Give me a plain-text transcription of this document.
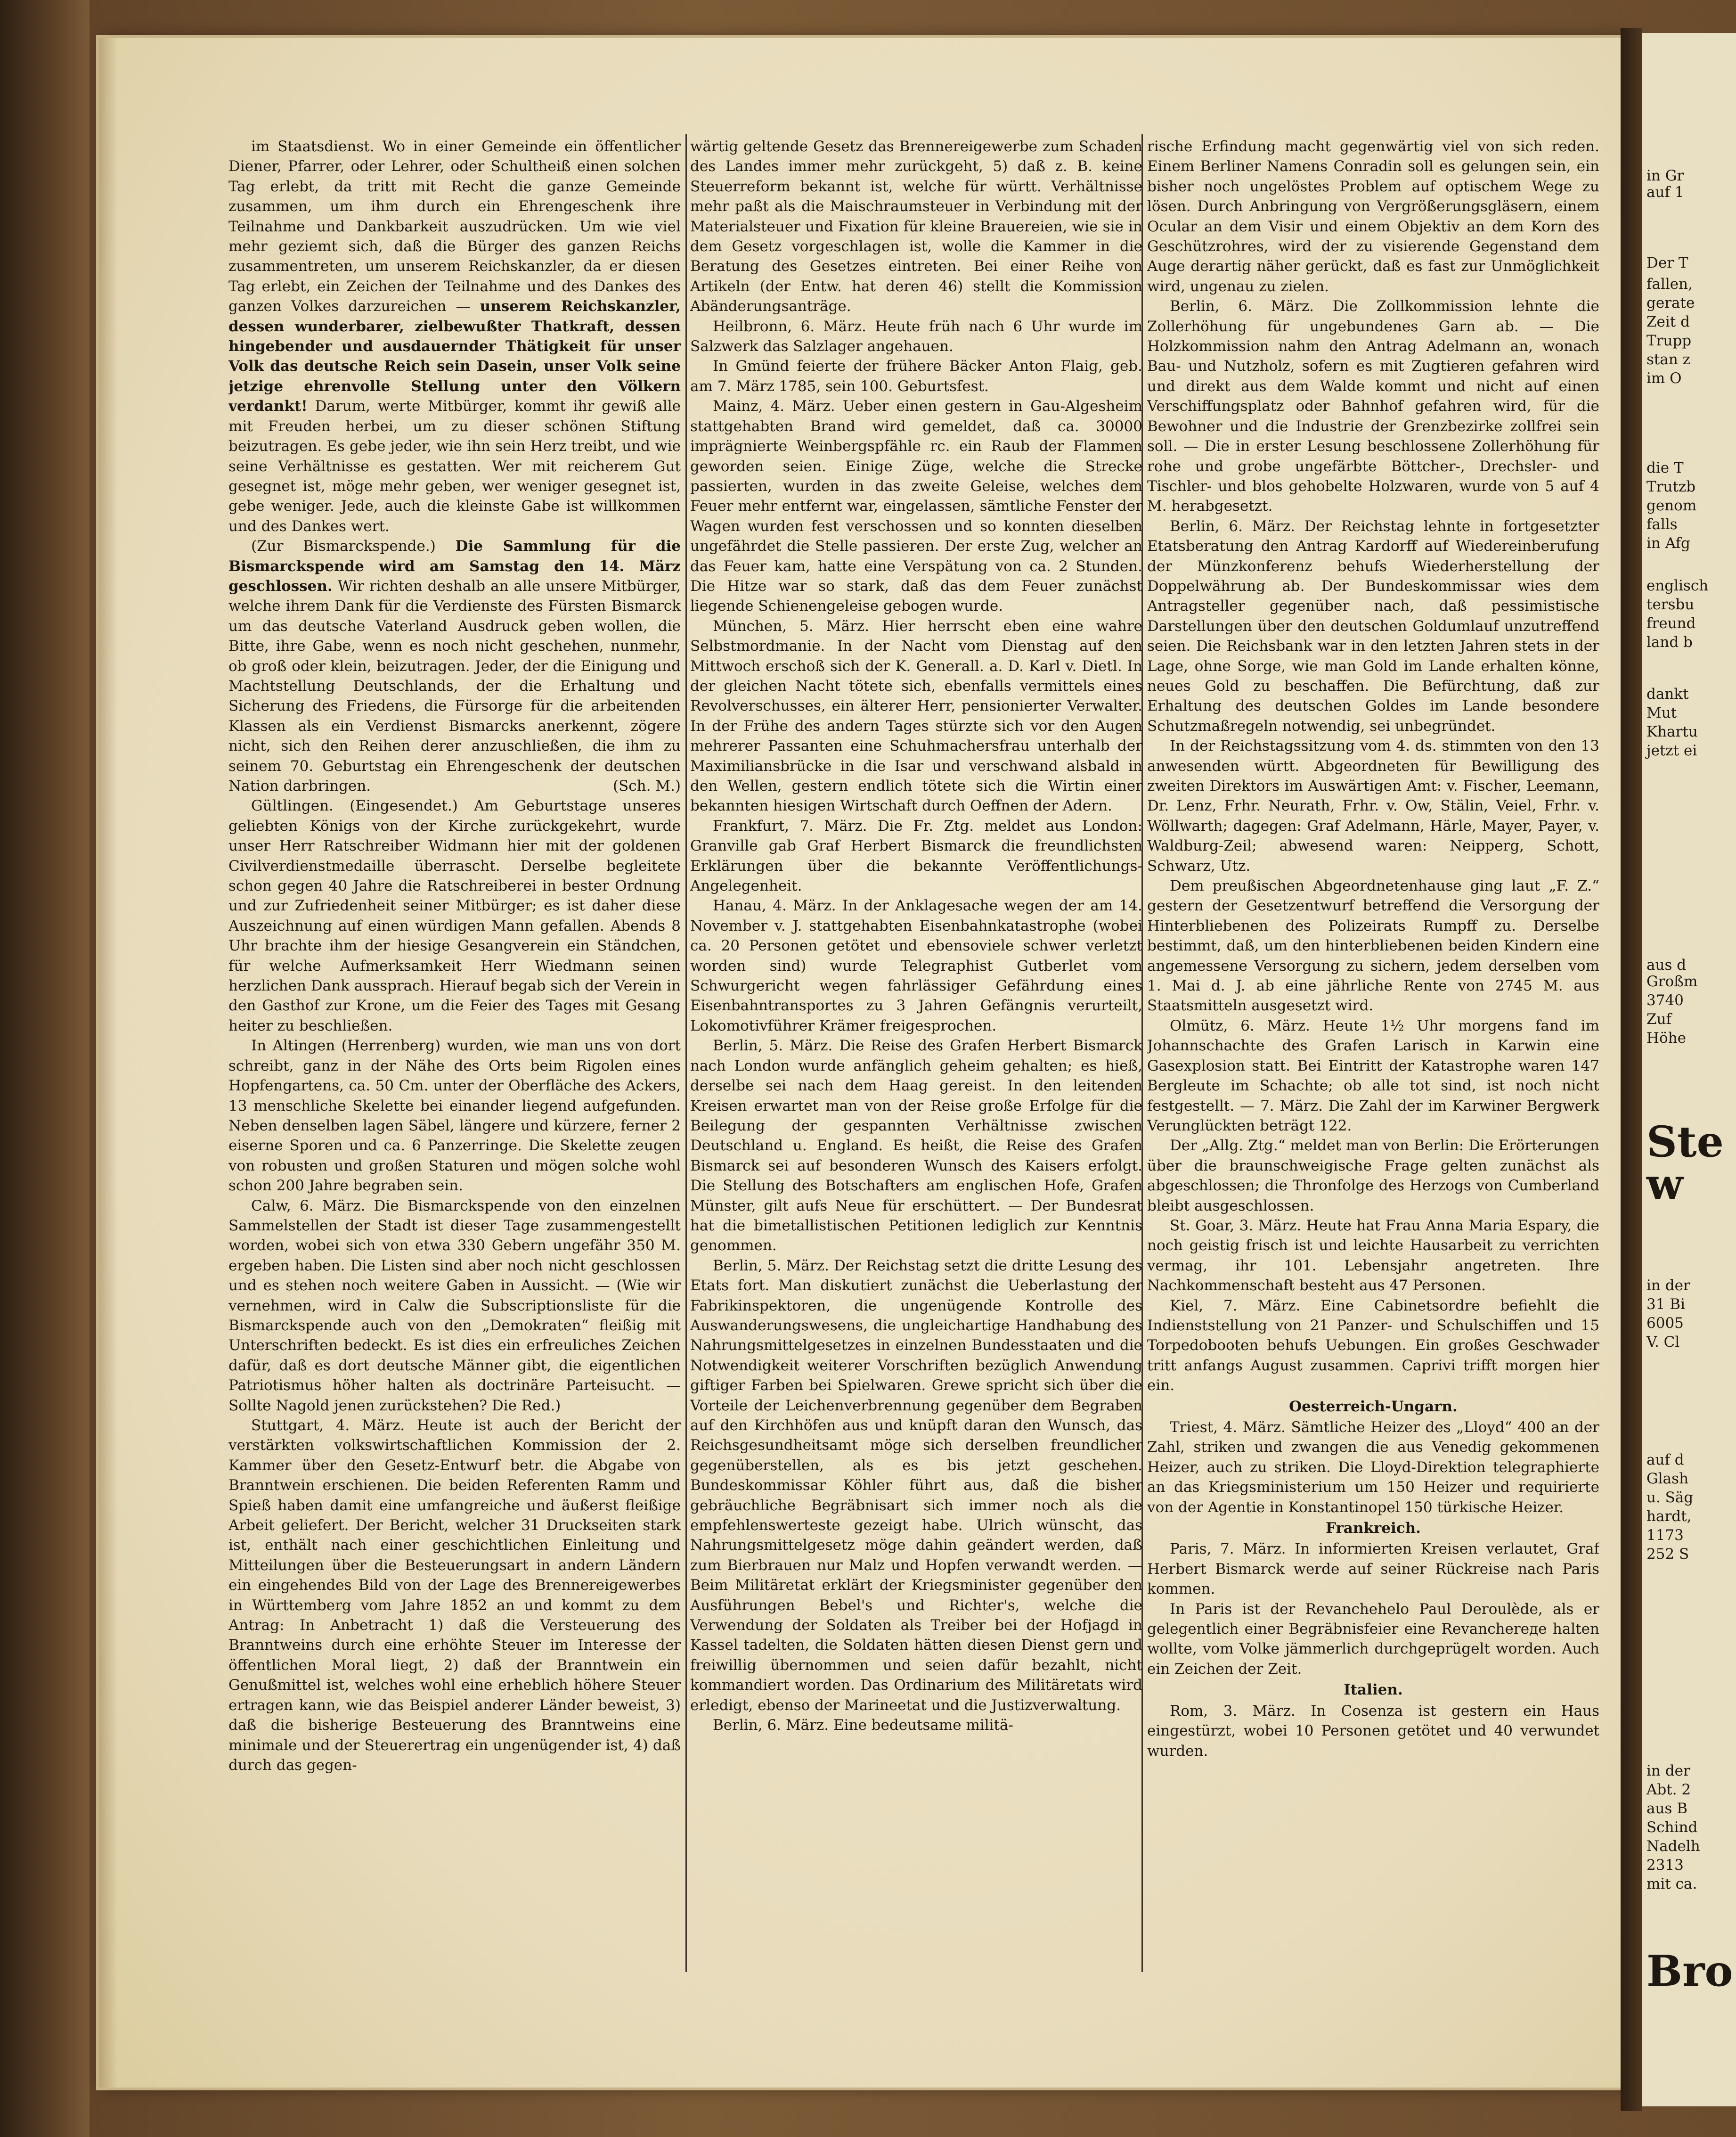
im Staatsdienst. Wo in einer Gemeinde ein öffentlicher Diener, Pfarrer, oder Lehrer, oder Schultheiß einen solchen Tag erlebt, da tritt mit Recht die ganze Gemeinde zusammen, um ihm durch ein Ehrengeschenk ihre Teilnahme und Dankbarkeit auszudrücken. Um wie viel mehr geziemt sich, daß die Bürger des ganzen Reichs zusammentreten, um unserem Reichskanzler, da er diesen Tag erlebt, ein Zeichen der Teilnahme und des Dankes des ganzen Volkes darzureichen — unserem Reichskanzler, dessen wunderbarer, zielbewußter Thatkraft, dessen hingebender und ausdauernder Thätigkeit für unser Volk das deutsche Reich sein Dasein, unser Volk seine jetzige ehrenvolle Stellung unter den Völkern verdankt! Darum, werte Mitbürger, kommt ihr gewiß alle mit Freuden herbei, um zu dieser schönen Stiftung beizutragen. Es gebe jeder, wie ihn sein Herz treibt, und wie seine Verhältnisse es gestatten. Wer mit reicherem Gut gesegnet ist, möge mehr geben, wer weniger gesegnet ist, gebe weniger. Jede, auch die kleinste Gabe ist willkommen und des Dankes wert.

(Zur Bismarckspende.) Die Sammlung für die Bismarckspende wird am Samstag den 14. März geschlossen. Wir richten deshalb an alle unsere Mitbürger, welche ihrem Dank für die Verdienste des Fürsten Bismarck um das deutsche Vaterland Ausdruck geben wollen, die Bitte, ihre Gabe, wenn es noch nicht geschehen, nunmehr, ob groß oder klein, beizutragen. Jeder, der die Einigung und Machtstellung Deutschlands, der die Erhaltung und Sicherung des Friedens, die Fürsorge für die arbeitenden Klassen als ein Verdienst Bismarcks anerkennt, zögere nicht, sich den Reihen derer anzuschließen, die ihm zu seinem 70. Geburtstag ein Ehrengeschenk der deutschen Nation darbringen.	(Sch. M.)

Gültlingen. (Eingesendet.) Am Geburtstage unseres geliebten Königs von der Kirche zurückgekehrt, wurde unser Herr Ratschreiber Widmann hier mit der goldenen Civilverdienstmedaille überrascht. Derselbe begleitete schon gegen 40 Jahre die Ratschreiberei in bester Ordnung und zur Zufriedenheit seiner Mitbürger; es ist daher diese Auszeichnung auf einen würdigen Mann gefallen. Abends 8 Uhr brachte ihm der hiesige Gesangverein ein Ständchen, für welche Aufmerksamkeit Herr Wiedmann seinen herzlichen Dank aussprach. Hierauf begab sich der Verein in den Gasthof zur Krone, um die Feier des Tages mit Gesang heiter zu beschließen.

In Altingen (Herrenberg) wurden, wie man uns von dort schreibt, ganz in der Nähe des Orts beim Rigolen eines Hopfengartens, ca. 50 Cm. unter der Oberfläche des Ackers, 13 menschliche Skelette bei einander liegend aufgefunden. Neben denselben lagen Säbel, längere und kürzere, ferner 2 eiserne Sporen und ca. 6 Panzerringe. Die Skelette zeugen von robusten und großen Staturen und mögen solche wohl schon 200 Jahre begraben sein.

Calw, 6. März. Die Bismarckspende von den einzelnen Sammelstellen der Stadt ist dieser Tage zusammengestellt worden, wobei sich von etwa 330 Gebern ungefähr 350 M. ergeben haben. Die Listen sind aber noch nicht geschlossen und es stehen noch weitere Gaben in Aussicht. — (Wie wir vernehmen, wird in Calw die Subscriptionsliste für die Bismarckspende auch von den „Demokraten“ fleißig mit Unterschriften bedeckt. Es ist dies ein erfreuliches Zeichen dafür, daß es dort deutsche Männer gibt, die eigentlichen Patriotismus höher halten als doctrinäre Parteisucht. — Sollte Nagold jenen zurückstehen? Die Red.)

Stuttgart, 4. März. Heute ist auch der Bericht der verstärkten volkswirtschaftlichen Kommission der 2. Kammer über den Gesetz-Entwurf betr. die Abgabe von Branntwein erschienen. Die beiden Referenten Ramm und Spieß haben damit eine umfangreiche und äußerst fleißige Arbeit geliefert. Der Bericht, welcher 31 Druckseiten stark ist, enthält nach einer geschichtlichen Einleitung und Mitteilungen über die Besteuerungsart in andern Ländern ein eingehendes Bild von der Lage des Brennereigewerbes in Württemberg vom Jahre 1852 an und kommt zu dem Antrag: In Anbetracht 1) daß die Versteuerung des Branntweins durch eine erhöhte Steuer im Interesse der öffentlichen Moral liegt, 2) daß der Branntwein ein Genußmittel ist, welches wohl eine erheblich höhere Steuer ertragen kann, wie das Beispiel anderer Länder beweist, 3) daß die bisherige Besteuerung des Branntweins eine minimale und der Steuerertrag ein ungenügender ist, 4) daß durch das gegen-

wärtig geltende Gesetz das Brennereigewerbe zum Schaden des Landes immer mehr zurückgeht, 5) daß z. B. keine Steuerreform bekannt ist, welche für württ. Verhältnisse mehr paßt als die Maischraumsteuer in Verbindung mit der Materialsteuer und Fixation für kleine Brauereien, wie sie in dem Gesetz vorgeschlagen ist, wolle die Kammer in die Beratung des Gesetzes eintreten. Bei einer Reihe von Artikeln (der Entw. hat deren 46) stellt die Kommission Abänderungsanträge.

Heilbronn, 6. März. Heute früh nach 6 Uhr wurde im Salzwerk das Salzlager angehauen.

In Gmünd feierte der frühere Bäcker Anton Flaig, geb. am 7. März 1785, sein 100. Geburtsfest.

Mainz, 4. März. Ueber einen gestern in Gau-Algesheim stattgehabten Brand wird gemeldet, daß ca. 30000 imprägnierte Weinbergspfähle rc. ein Raub der Flammen geworden seien. Einige Züge, welche die Strecke passierten, wurden in das zweite Geleise, welches dem Feuer mehr entfernt war, eingelassen, sämtliche Fenster der Wagen wurden fest verschossen und so konnten dieselben ungefährdet die Stelle passieren. Der erste Zug, welcher an das Feuer kam, hatte eine Verspätung von ca. 2 Stunden. Die Hitze war so stark, daß das dem Feuer zunächst liegende Schienengeleise gebogen wurde.

München, 5. März. Hier herrscht eben eine wahre Selbstmordmanie. In der Nacht vom Dienstag auf den Mittwoch erschoß sich der K. Generall. a. D. Karl v. Dietl. In der gleichen Nacht tötete sich, ebenfalls vermittels eines Revolverschusses, ein älterer Herr, pensionierter Verwalter. In der Frühe des andern Tages stürzte sich vor den Augen mehrerer Passanten eine Schuhmachersfrau unterhalb der Maximiliansbrücke in die Isar und verschwand alsbald in den Wellen, gestern endlich tötete sich die Wirtin einer bekannten hiesigen Wirtschaft durch Oeffnen der Adern.

Frankfurt, 7. März. Die Fr. Ztg. meldet aus London: Granville gab Graf Herbert Bismarck die freundlichsten Erklärungen über die bekannte Veröffentlichungs-Angelegenheit.

Hanau, 4. März. In der Anklagesache wegen der am 14. November v. J. stattgehabten Eisenbahnkatastrophe (wobei ca. 20 Personen getötet und ebensoviele schwer verletzt worden sind) wurde Telegraphist Gutberlet vom Schwurgericht wegen fahrlässiger Gefährdung eines Eisenbahntransportes zu 3 Jahren Gefängnis verurteilt, Lokomotivführer Krämer freigesprochen.

Berlin, 5. März. Die Reise des Grafen Herbert Bismarck nach London wurde anfänglich geheim gehalten; es hieß, derselbe sei nach dem Haag gereist. In den leitenden Kreisen erwartet man von der Reise große Erfolge für die Beilegung der gespannten Verhältnisse zwischen Deutschland u. England. Es heißt, die Reise des Grafen Bismarck sei auf besonderen Wunsch des Kaisers erfolgt. Die Stellung des Botschafters am englischen Hofe, Grafen Münster, gilt aufs Neue für erschüttert. — Der Bundesrat hat die bimetallistischen Petitionen lediglich zur Kenntnis genommen.

Berlin, 5. März. Der Reichstag setzt die dritte Lesung des Etats fort. Man diskutiert zunächst die Ueberlastung der Fabrikinspektoren, die ungenügende Kontrolle des Auswanderungswesens, die ungleichartige Handhabung des Nahrungsmittelgesetzes in einzelnen Bundesstaaten und die Notwendigkeit weiterer Vorschriften bezüglich Anwendung giftiger Farben bei Spielwaren. Grewe spricht sich über die Vorteile der Leichenverbrennung gegenüber dem Begraben auf den Kirchhöfen aus und knüpft daran den Wunsch, das Reichsgesundheitsamt möge sich derselben freundlicher gegenüberstellen, als es bis jetzt geschehen. Bundeskommissar Köhler führt aus, daß die bisher gebräuchliche Begräbnisart sich immer noch als die empfehlenswerteste gezeigt habe. Ulrich wünscht, das Nahrungsmittelgesetz möge dahin geändert werden, daß zum Bierbrauen nur Malz und Hopfen verwandt werden. — Beim Militäretat erklärt der Kriegsminister gegenüber den Ausführungen Bebel's und Richter's, welche die Verwendung der Soldaten als Treiber bei der Hofjagd in Kassel tadelten, die Soldaten hätten diesen Dienst gern und freiwillig übernommen und seien dafür bezahlt, nicht kommandiert worden. Das Ordinarium des Militäretats wird erledigt, ebenso der Marineetat und die Justizverwaltung.

Berlin, 6. März. Eine bedeutsame militä-

rische Erfindung macht gegenwärtig viel von sich reden. Einem Berliner Namens Conradin soll es gelungen sein, ein bisher noch ungelöstes Problem auf optischem Wege zu lösen. Durch Anbringung von Vergrößerungsgläsern, einem Ocular an dem Visir und einem Objektiv an dem Korn des Geschützrohres, wird der zu visierende Gegenstand dem Auge derartig näher gerückt, daß es fast zur Unmöglichkeit wird, ungenau zu zielen.

Berlin, 6. März. Die Zollkommission lehnte die Zollerhöhung für ungebundenes Garn ab. — Die Holzkommission nahm den Antrag Adelmann an, wonach Bau- und Nutzholz, sofern es mit Zugtieren gefahren wird und direkt aus dem Walde kommt und nicht auf einen Verschiffungsplatz oder Bahnhof gefahren wird, für die Bewohner und die Industrie der Grenzbezirke zollfrei sein soll. — Die in erster Lesung beschlossene Zollerhöhung für rohe und grobe ungefärbte Böttcher-, Drechsler- und Tischler- und blos gehobelte Holzwaren, wurde von 5 auf 4 M. herabgesetzt.

Berlin, 6. März. Der Reichstag lehnte in fortgesetzter Etatsberatung den Antrag Kardorff auf Wiedereinberufung der Münzkonferenz behufs Wiederherstellung der Doppelwährung ab. Der Bundeskommissar wies dem Antragsteller gegenüber nach, daß pessimistische Darstellungen über den deutschen Goldumlauf unzutreffend seien. Die Reichsbank war in den letzten Jahren stets in der Lage, ohne Sorge, wie man Gold im Lande erhalten könne, neues Gold zu beschaffen. Die Befürchtung, daß zur Erhaltung des deutschen Goldes im Lande besondere Schutzmaßregeln notwendig, sei unbegründet.

In der Reichstagssitzung vom 4. ds. stimmten von den 13 anwesenden württ. Abgeordneten für Bewilligung des zweiten Direktors im Auswärtigen Amt: v. Fischer, Leemann, Dr. Lenz, Frhr. Neurath, Frhr. v. Ow, Stälin, Veiel, Frhr. v. Wöllwarth; dagegen: Graf Adelmann, Härle, Mayer, Payer, v. Waldburg-Zeil; abwesend waren: Neipperg, Schott, Schwarz, Utz.

Dem preußischen Abgeordnetenhause ging laut „F. Z.“ gestern der Gesetzentwurf betreffend die Versorgung der Hinterbliebenen des Polizeirats Rumpff zu. Derselbe bestimmt, daß, um den hinterbliebenen beiden Kindern eine angemessene Versorgung zu sichern, jedem derselben vom 1. Mai d. J. ab eine jährliche Rente von 2745 M. aus Staatsmitteln ausgesetzt wird.

Olmütz, 6. März. Heute 1½ Uhr morgens fand im Johannschachte des Grafen Larisch in Karwin eine Gasexplosion statt. Bei Eintritt der Katastrophe waren 147 Bergleute im Schachte; ob alle tot sind, ist noch nicht festgestellt. — 7. März. Die Zahl der im Karwiner Bergwerk Verunglückten beträgt 122.

Der „Allg. Ztg.“ meldet man von Berlin: Die Erörterungen über die braunschweigische Frage gelten zunächst als abgeschlossen; die Thronfolge des Herzogs von Cumberland bleibt ausgeschlossen.

St. Goar, 3. März. Heute hat Frau Anna Maria Espary, die noch geistig frisch ist und leichte Hausarbeit zu verrichten vermag, ihr 101. Lebensjahr angetreten. Ihre Nachkommenschaft besteht aus 47 Personen.

Kiel, 7. März. Eine Cabinetsordre befiehlt die Indienststellung von 21 Panzer- und Schulschiffen und 15 Torpedobooten behufs Uebungen. Ein großes Geschwader tritt anfangs August zusammen. Caprivi trifft morgen hier ein.

Oesterreich-Ungarn.

Triest, 4. März. Sämtliche Heizer des „Lloyd“ 400 an der Zahl, striken und zwangen die aus Venedig gekommenen Heizer, auch zu striken. Die Lloyd-Direktion telegraphierte an das Kriegsministerium um 150 Heizer und requirierte von der Agentie in Konstantinopel 150 türkische Heizer.

Frankreich.

Paris, 7. März. In informierten Kreisen verlautet, Graf Herbert Bismarck werde auf seiner Rückreise nach Paris kommen.

In Paris ist der Revanchehelo Paul Deroulède, als er gelegentlich einer Begräbnisfeier eine Revanchereде halten wollte, vom Volke jämmerlich durchgeprügelt worden. Auch ein Zeichen der Zeit.

Italien.

Rom, 3. März. In Cosenza ist gestern ein Haus eingestürzt, wobei 10 Personen getötet und 40 verwundet wurden.

in Gr
auf 1
Der T
fallen,
gerate
Zeit d
Trupp
stan z
im O
die T
Trutzb
genom
falls
in Afg
englisch
tersbu
freund
land b
dankt
Mut
Khartu
jetzt ei
aus d
Großm
3740
Zuf
Höhe
Ste
w
in der
31 Bi
6005
V. Cl
auf d
Glash
u. Säg
hardt,
1173
252 S
in der
Abt. 2
aus B
Schind
Nadelh
2313
mit ca.
Bro
